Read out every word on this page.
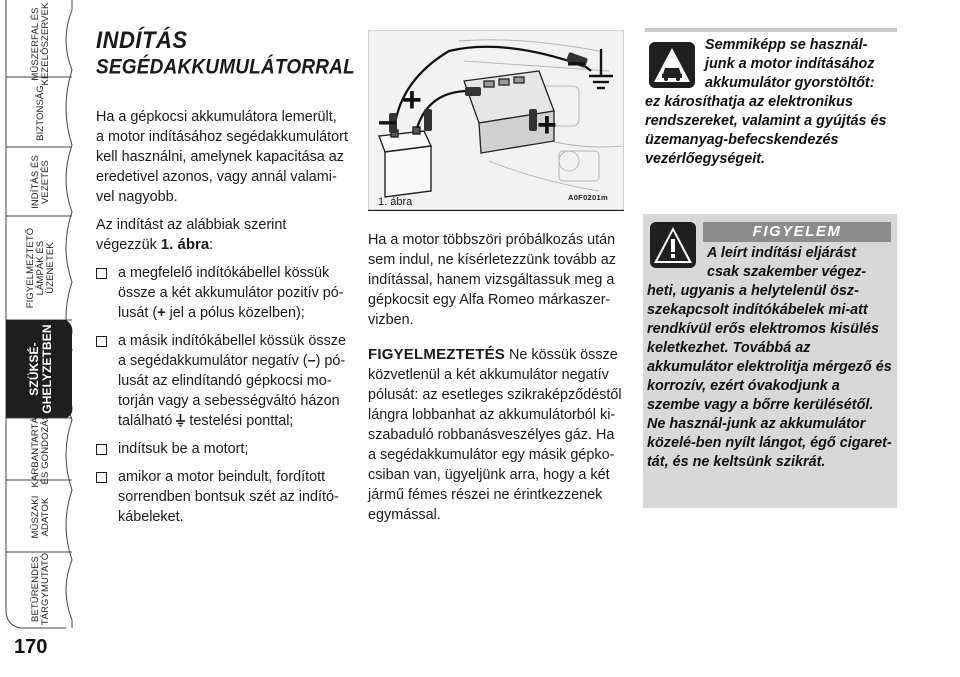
MŰSZERFAL ÉS
KEZELŐSZERVEK
BIZTONSÁG
INDÍTÁS ÉS
VEZETÉS
FIGYELMEZTETŐ
LÁMPÁK ÉS
ÜZENETEK
SZÜKSÉ-
GHELYZETBEN
KARBANTARTÁS
ÉS GONDOZÁS
MŰSZAKI
ADATOK
BETŰRENDES
TÁRGYMUTATÓ
170
INDÍTÁS
SEGÉDAKKUMULÁTORRAL

Ha a gépkocsi akkumulátora lemerült, a motor indításához segédakkumulátort kell használni, amelynek kapacitása az eredetivel azonos, vagy annál valami-vel nagyobb.

Az indítást az alábbiak szerint végezzük 1. ábra:

a megfelelő indítókábellel kössük össze a két akkumulátor pozitív pó-lusát (+ jel a pólus közelben);
a másik indítókábellel kössük össze a segédakkumulátor negatív (–) pó-lusát az elindítandó gépkocsi mo-torján vagy a sebességváltó házon található  testelési ponttal;
indítsuk be a motort;
amikor a motor beindult, fordított sorrendben bontsuk szét az indító-kábeleket.
–
+
+
–
1. ábra	A0F0201m

Ha a motor többszöri próbálkozás után sem indul, ne kísérletezzünk tovább az indítással, hanem vizsgáltassuk meg a gépkocsit egy Alfa Romeo márkaszer-vizben.

FIGYELMEZTETÉS Ne kössük össze közvetlenül a két akkumulátor negatív pólusát: az esetleges szikraképződéstől lángra lobbanhat az akkumulátorból ki-szabaduló robbanásveszélyes gáz. Ha a segédakkumulátor egy másik gépko-csiban van, ügyeljünk arra, hogy a két jármű fémes részei ne érintkezzenek egymással.

Semmiképp se használ-
junk a motor indításához
akkumulátor gyorstöltőt:
ez károsíthatja az elektronikus rendszereket, valamint a gyújtás és üzemanyag-befecskendezés vezérlőegységeit.
FIGYELEM
A leírt indítási eljárást
csak szakember végez-
heti, ugyanis a helytelenül ösz-szekapcsolt indítókábelek mi-att rendkívül erős elektromos kisülés keletkezhet. Továbbá az akkumulátor elektrolitja mérgező és korrozív, ezért óvakodjunk a szembe vagy a bőrre kerülésétől. Ne használ-junk az akkumulátor közelé-ben nyílt lángot, égő cigaret-tát, és ne keltsünk szikrát.
